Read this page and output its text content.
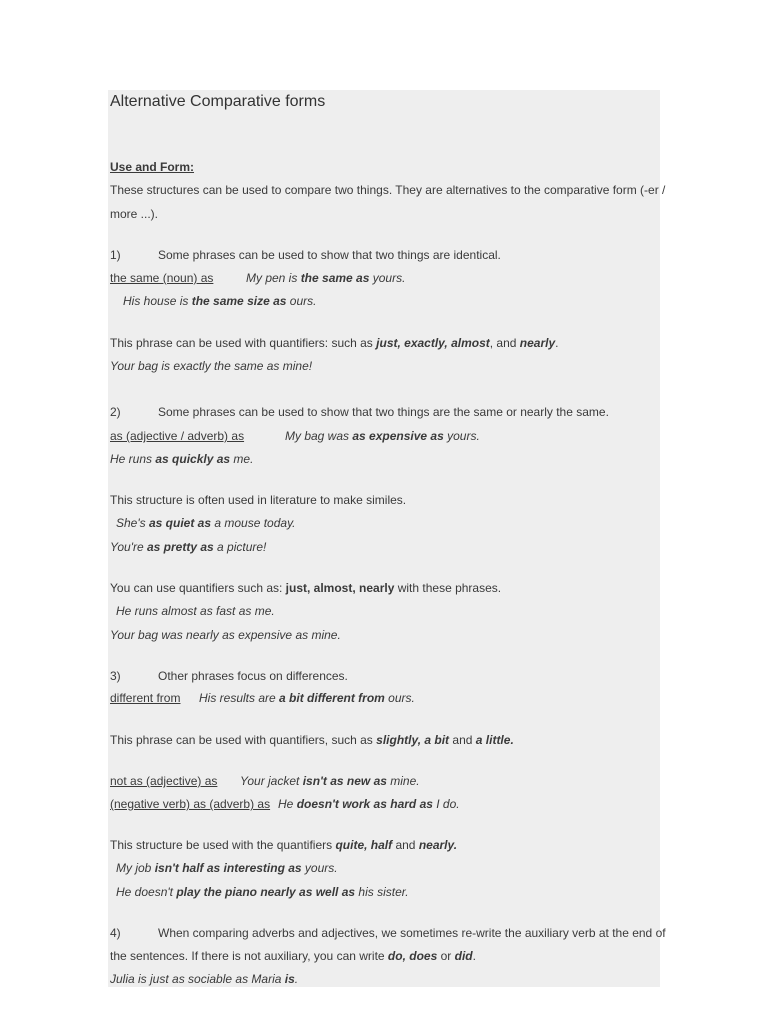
Alternative Comparative forms
Use and Form:
These structures can be used to compare two things. They are alternatives to the comparative form (-er /
more ...).
1)	Some phrases can be used to show that two things are identical.
the same (noun) as	My pen is the same as yours.
His house is the same size as ours.
This phrase can be used with quantifiers: such as just, exactly, almost, and nearly.
Your bag is exactly the same as mine!
2)	Some phrases can be used to show that two things are the same or nearly the same.
as (adjective / adverb) as	My bag was as expensive as yours.
He runs as quickly as me.
This structure is often used in literature to make similes.
She's as quiet as a mouse today.
You're as pretty as a picture!
You can use quantifiers such as: just, almost, nearly with these phrases.
He runs almost as fast as me.
Your bag was nearly as expensive as mine.
3)	Other phrases focus on differences.
different from His results are a bit different from ours.
This phrase can be used with quantifiers, such as slightly, a bit and a little.
not as (adjective) as Your jacket isn't as new as mine.
(negative verb) as (adverb) as He doesn't work as hard as I do.
This structure be used with the quantifiers quite, half and nearly.
My job isn't half as interesting as yours.
He doesn't play the piano nearly as well as his sister.
4)	When comparing adverbs and adjectives, we sometimes re-write the auxiliary verb at the end of
the sentences. If there is not auxiliary, you can write do, does or did.
Julia is just as sociable as Maria is.
